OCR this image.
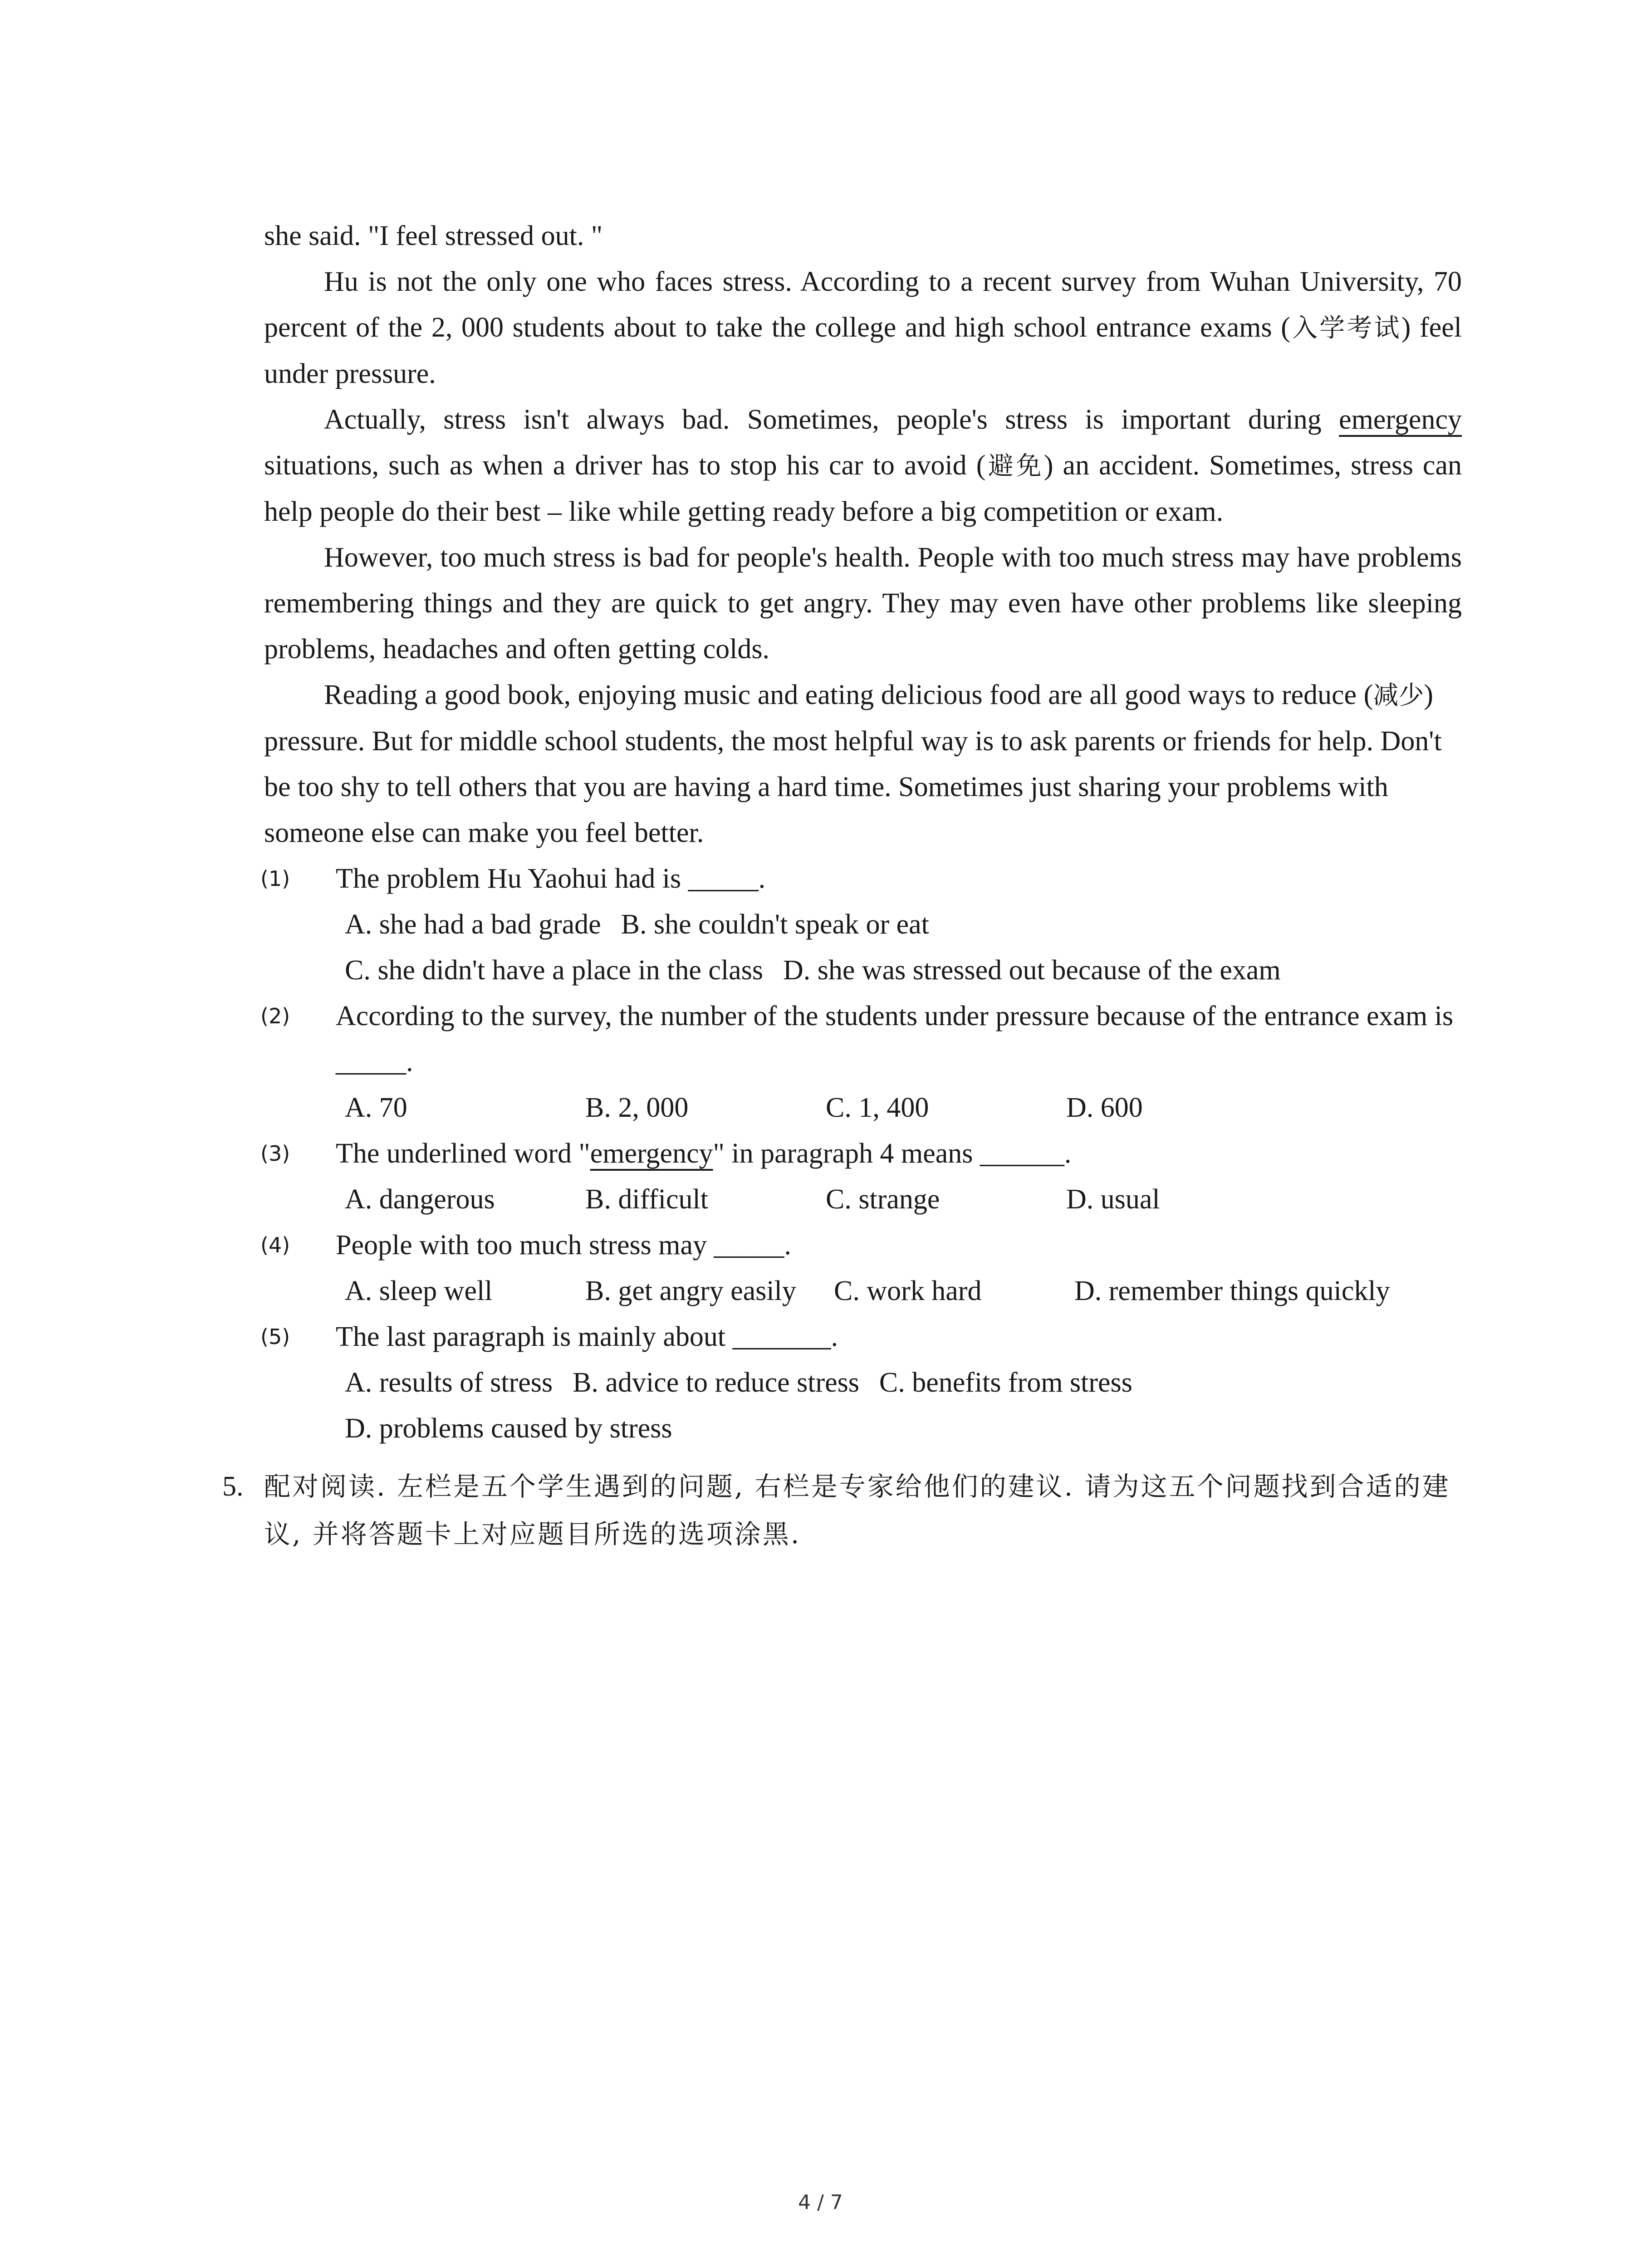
she said. "I feel stressed out. "

Hu is not the only one who faces stress. According to a recent survey from Wuhan University, 70 percent of the 2, 000 students about to take the college and high school entrance exams (入学考试) feel under pressure.

Actually, stress isn't always bad. Sometimes, people's stress is important during emergency situations, such as when a driver has to stop his car to avoid (避免) an accident. Sometimes, stress can help people do their best – like while getting ready before a big competition or exam.

However, too much stress is bad for people's health. People with too much stress may have problems remembering things and they are quick to get angry. They may even have other problems like sleeping problems, headaches and often getting colds.

Reading a good book, enjoying music and eating delicious food are all good ways to reduce (减少) pressure. But for middle school students, the most helpful way is to ask parents or friends for help. Don't be too shy to tell others that you are having a hard time. Sometimes just sharing your problems with someone else can make you feel better.

(1)	The problem Hu Yaohui had is _____.
A. she had a bad grade B. she couldn't speak or eat
C. she didn't have a place in the class D. she was stressed out because of the exam
(2)	According to the survey, the number of the students under pressure because of the entrance exam is _____.
A. 70	B. 2, 000	C. 1, 400	D. 600
(3)	The underlined word "emergency" in paragraph 4 means ______.
A. dangerous	B. difficult	C. strange	D. usual
(4)	People with too much stress may _____.
A. sleep well	B. get angry easily	C. work hard	D. remember things quickly
(5)	The last paragraph is mainly about _______.
A. results of stress B. advice to reduce stress C. benefits from stress
D. problems caused by stress
5. 配对阅读. 左栏是五个学生遇到的问题, 右栏是专家给他们的建议. 请为这五个问题找到合适的建议, 并将答题卡上对应题目所选的选项涂黑.
4 / 7
